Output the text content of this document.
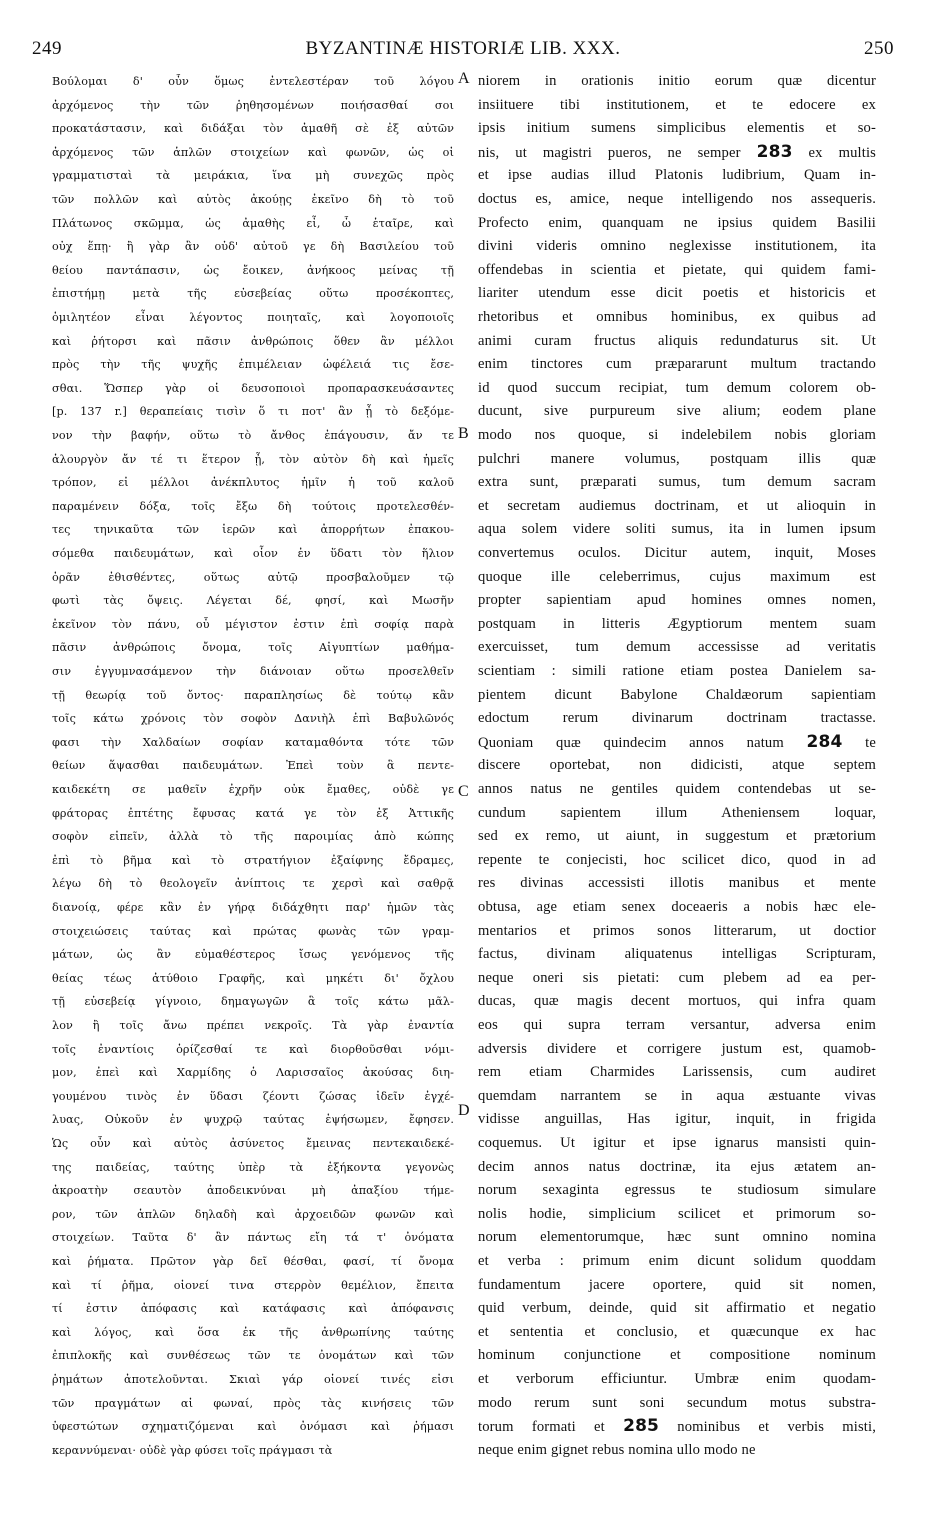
249	BYZANTINÆ HISTORIÆ LIB. XXX.	250
Βούλομαι δ' οὖν ὅμως ἐντελεστέραν τοῦ λόγου
ἀρχόμενος τὴν τῶν ῥηθησομένων ποιήσασθαί σοι
προκατάστασιν, καὶ διδάξαι τὸν ἀμαθῆ σὲ ἐξ αὐτῶν
ἀρχόμενος τῶν ἁπλῶν στοιχείων καὶ φωνῶν, ὡς οἱ
γραμματισταὶ τὰ μειράκια, ἵνα μὴ συνεχῶς πρὸς
τῶν πολλῶν καὶ αὐτὸς ἀκούῃς ἐκεῖνο δὴ τὸ τοῦ
Πλάτωνος σκῶμμα, ὡς ἀμαθὴς εἶ, ὦ ἑταῖρε, καὶ
οὐχ ἕπῃ· ἢ γὰρ ἂν οὐδ' αὐτοῦ γε δὴ Βασιλείου τοῦ
θείου παντάπασιν, ὡς ἔοικεν, ἀνήκοος μείνας τῇ
ἐπιστήμῃ μετὰ τῆς εὐσεβείας οὕτω προσέκοπτες,
ὁμιλητέον εἶναι λέγοντος ποιηταῖς, καὶ λογοποιοῖς
καὶ ῥήτορσι καὶ πᾶσιν ἀνθρώποις ὅθεν ἂν μέλλοι
πρὸς τὴν τῆς ψυχῆς ἐπιμέλειαν ὠφέλειά τις ἔσε-
σθαι. Ὥσπερ γὰρ οἱ δευσοποιοὶ προπαρασκευάσαντες
[p. 137 r.] θεραπείαις τισὶν ὅ τι ποτ' ἂν ᾖ τὸ δεξόμε-
νον τὴν βαφήν, οὕτω τὸ ἄνθος ἐπάγουσιν, ἄν τε
ἁλουργὸν ἄν τέ τι ἕτερον ᾖ, τὸν αὐτὸν δὴ καὶ ἡμεῖς
τρόπον, εἰ μέλλοι ἀνέκπλυτος ἡμῖν ἡ τοῦ καλοῦ
παραμένειν δόξα, τοῖς ἔξω δὴ τούτοις προτελεσθέν-
τες τηνικαῦτα τῶν ἱερῶν καὶ ἀπορρήτων ἐπακου-
σόμεθα παιδευμάτων, καὶ οἷον ἐν ὕδατι τὸν ἥλιον
ὁρᾶν ἐθισθέντες, οὕτως αὐτῷ προσβαλοῦμεν τῷ
φωτὶ τὰς ὄψεις. Λέγεται δέ, φησί, καὶ Μωσῆν
ἐκεῖνον τὸν πάνυ, οὗ μέγιστον ἐστιν ἐπὶ σοφίᾳ παρὰ
πᾶσιν ἀνθρώποις ὄνομα, τοῖς Αἰγυπτίων μαθήμα-
σιν ἐγγυμνασάμενον τὴν διάνοιαν οὕτω προσελθεῖν
τῇ θεωρίᾳ τοῦ ὄντος· παραπλησίως δὲ τούτῳ κἂν
τοῖς κάτω χρόνοις τὸν σοφὸν Δανιὴλ ἐπὶ Βαβυλῶνός
φασι τὴν Χαλδαίων σοφίαν καταμαθόντα τότε τῶν
θείων ἅψασθαι παιδευμάτων. Ἐπεὶ τοὺν ἃ πεντε-
καιδεκέτη σε μαθεῖν ἐχρῆν οὐκ ἔμαθες, οὐδὲ γε
φράτορας ἐπτέτης ἔφυσας κατά γε τὸν ἐξ Ἀττικῆς
σοφὸν εἰπεῖν, ἀλλὰ τὸ τῆς παροιμίας ἀπὸ κώπης
ἐπὶ τὸ βῆμα καὶ τὸ στρατήγιον ἐξαίφνης ἔδραμες,
λέγω δὴ τὸ θεολογεῖν ἀνίπτοις τε χερσὶ καὶ σαθρᾷ
διανοίᾳ, φέρε κἂν ἐν γήρᾳ διδάχθητι παρ' ἡμῶν τὰς
στοιχειώσεις ταύτας καὶ πρώτας φωνὰς τῶν γραμ-
μάτων, ὡς ἂν εὐμαθέστερος ἴσως γενόμενος τῆς
θείας τέως ἀτύθοιο Γραφῆς, καὶ μηκέτι δι' ὄχλου
τῇ εὐσεβείᾳ γίγνοιο, δημαγωγῶν ἃ τοῖς κάτω μᾶλ-
λον ἢ τοῖς ἄνω πρέπει νεκροῖς. Τὰ γὰρ ἐναντία
τοῖς ἐναντίοις ὁρίζεσθαί τε καὶ διορθοῦσθαι νόμι-
μον, ἐπεὶ καὶ Χαρμίδης ὁ Λαρισσαῖος ἀκούσας διη-
γουμένου τινὸς ἐν ὕδασι ζέοντι ζώσας ἰδεῖν ἐγχέ-
λυας, Οὐκοῦν ἐν ψυχρῷ ταύτας ἑψήσωμεν, ἔφησεν.
Ὡς οὖν καὶ αὐτὸς ἀσύνετος ἔμεινας πεντεκαιδεκέ-
της παιδείας, ταύτης ὑπὲρ τὰ ἑξήκοντα γεγονὼς
ἀκροατὴν σεαυτὸν ἀποδεικνύναι μὴ ἀπαξίου τήμε-
ρον, τῶν ἁπλῶν δηλαδὴ καὶ ἀρχοειδῶν φωνῶν καὶ
στοιχείων. Ταῦτα δ' ἂν πάντως εἴη τά τ' ὀνόματα
καὶ ῥήματα. Πρῶτον γὰρ δεῖ θέσθαι, φασί, τί ὄνομα
καὶ τί ῥῆμα, οἱονεί τινα στερρὸν θεμέλιον, ἔπειτα
τί ἐστιν ἀπόφασις καὶ κατάφασις καὶ ἀπόφανσις
καὶ λόγος, καὶ ὅσα ἐκ τῆς ἀνθρωπίνης ταύτης
ἐπιπλοκῆς καὶ συνθέσεως τῶν τε ὀνομάτων καὶ τῶν
ῥημάτων ἀποτελοῦνται. Σκιαὶ γάρ οἱονεί τινές εἰσι
τῶν πραγμάτων αἱ φωναί, πρὸς τὰς κινήσεις τῶν
ὑφεστώτων σχηματιζόμεναι καὶ ὀνόμασι καὶ ῥήμασι
κεραννύμεναι· οὐδὲ γὰρ φύσει τοῖς πράγμασι τὰ
niorem in orationis initio eorum quæ dicentur
insiituere tibi institutionem, et te edocere ex
ipsis initium sumens simplicibus elementis et so-
nis, ut magistri pueros, ne semper 283 ex multis
et ipse audias illud Platonis ludibrium, Quam in-
doctus es, amice, neque intelligendo nos assequeris.
Profecto enim, quanquam ne ipsius quidem Basilii
divini videris omnino neglexisse institutionem, ita
offendebas in scientia et pietate, qui quidem fami-
liariter utendum esse dicit poetis et historicis et
rhetoribus et omnibus hominibus, ex quibus ad
animi curam fructus aliquis redundaturus sit. Ut
enim tinctores cum præpararunt multum tractando
id quod succum recipiat, tum demum colorem ob-
ducunt, sive purpureum sive alium; eodem plane
modo nos quoque, si indelebilem nobis gloriam
pulchri manere volumus, postquam illis quæ
extra sunt, præparati sumus, tum demum sacram
et secretam audiemus doctrinam, et ut alioquin in
aqua solem videre soliti sumus, ita in lumen ipsum
convertemus oculos. Dicitur autem, inquit, Moses
quoque ille celeberrimus, cujus maximum est
propter sapientiam apud homines omnes nomen,
postquam in litteris Ægyptiorum mentem suam
exercuisset, tum demum accessisse ad veritatis
scientiam : simili ratione etiam postea Danielem sa-
pientem dicunt Babylone Chaldæorum sapientiam
edoctum rerum divinarum doctrinam tractasse.
Quoniam quæ quindecim annos natum 284 te
discere oportebat, non didicisti, atque septem
annos natus ne gentiles quidem contendebas ut se-
cundum sapientem illum Atheniensem loquar,
sed ex remo, ut aiunt, in suggestum et prætorium
repente te conjecisti, hoc scilicet dico, quod in ad
res divinas accessisti illotis manibus et mente
obtusa, age etiam senex doceaeris a nobis hæc ele-
mentarios et primos sonos litterarum, ut doctior
factus, divinam aliquatenus intelligas Scripturam,
neque oneri sis pietati: cum plebem ad ea per-
ducas, quæ magis decent mortuos, qui infra quam
eos qui supra terram versantur, adversa enim
adversis dividere et corrigere justum est, quamob-
rem etiam Charmides Larissensis, cum audiret
quemdam narrantem se in aqua æstuante vivas
vidisse anguillas, Has igitur, inquit, in frigida
coquemus. Ut igitur et ipse ignarus mansisti quin-
decim annos natus doctrinæ, ita ejus ætatem an-
norum sexaginta egressus te studiosum simulare
nolis hodie, simplicium scilicet et primorum so-
norum elementorumque, hæc sunt omnino nomina
et verba : primum enim dicunt solidum quoddam
fundamentum jacere oportere, quid sit nomen,
quid verbum, deinde, quid sit affirmatio et negatio
et sententia et conclusio, et quæcunque ex hac
hominum conjunctione et compositione nominum
et verborum efficiuntur. Umbræ enim quodam-
modo rerum sunt soni secundum motus substra-
torum formati et 285 nominibus et verbis misti,
neque enim gignet rebus nomina ullo modo ne
A
B
C
D
